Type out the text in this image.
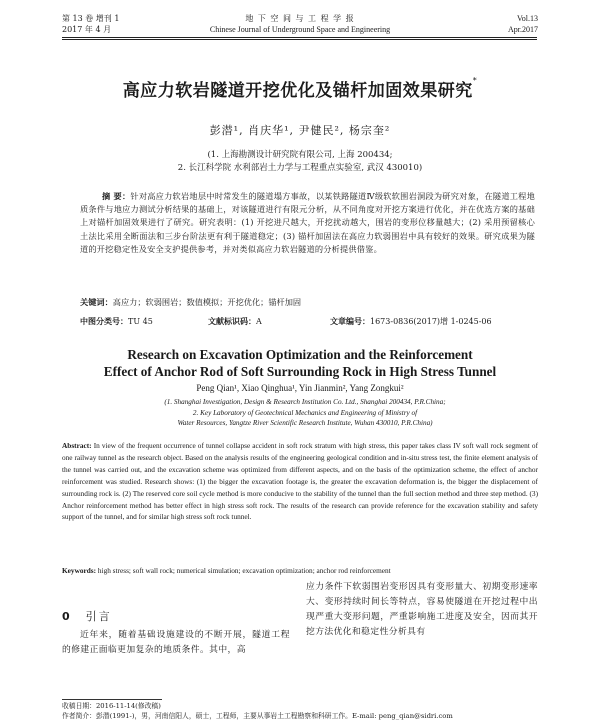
第 13 卷 增刊 1
2017 年 4 月
地 下 空 间 与 工 程 学 报
Chinese Journal of Underground Space and Engineering
Vol.13
Apr.2017
高应力软岩隧道开挖优化及锚杆加固效果研究*
彭潜¹, 肖庆华¹, 尹健民², 杨宗奎²
(1. 上海勘测设计研究院有限公司, 上海 200434;
2. 长江科学院 水利部岩土力学与工程重点实验室, 武汉 430010)
摘 要：针对高应力软岩地层中时常发生的隧道塌方事故，以某铁路隧道Ⅳ级软软围岩洞段为研究对象，在隧道工程地质条件与地应力测试分析结果的基础上，对该隧道进行有限元分析，从不同角度对开挖方案进行优化，并在优选方案的基础上对锚杆加固效果进行了研究。研究表明：(1) 开挖进尺越大，开挖扰动越大，围岩的变形位移量越大；(2) 采用预留核心土法比采用全断面法和三步台阶法更有利于隧道稳定；(3) 锚杆加固法在高应力软弱围岩中具有较好的效果。研究成果为隧道的开挖稳定性及安全支护提供参考，并对类似高应力软岩隧道的分析提供借鉴。
关键词：高应力；软弱围岩；数值模拟；开挖优化；锚杆加固
中图分类号：TU 45	文献标识码：A	文章编号：1673-0836(2017)增 1-0245-06
Research on Excavation Optimization and the Reinforcement
Effect of Anchor Rod of Soft Surrounding Rock in High Stress Tunnel
Peng Qian¹, Xiao Qinghua¹, Yin Jianmin², Yang Zongkui²
(1. Shanghai Investigation, Design & Research Institution Co. Ltd., Shanghai 200434, P.R.China;
2. Key Laboratory of Geotechnical Mechanics and Engineering of Ministry of
Water Resources, Yangtze River Scientific Research Institute, Wuhan 430010, P.R.China)
Abstract: In view of the frequent occurrence of tunnel collapse accident in soft rock stratum with high stress, this paper takes class IV soft wall rock segment of one railway tunnel as the research object. Based on the analysis results of the engineering geological condition and in-situ stress test, the finite element analysis of the tunnel was carried out, and the excavation scheme was optimized from different aspects, and on the basis of the optimization scheme, the effect of anchor reinforcement was studied. Research shows: (1) the bigger the excavation footage is, the greater the excavation deformation is, the bigger the displacement of surrounding rock is. (2) The reserved core soil cycle method is more conducive to the stability of the tunnel than the full section method and three step method. (3) Anchor reinforcement method has better effect in high stress soft rock. The results of the research can provide reference for the excavation stability and safety support of the tunnel, and for similar high stress soft rock tunnel.
Keywords: high stress; soft wall rock; numerical simulation; excavation optimization; anchor rod reinforcement
0 引言
近年来，随着基础设施建设的不断开展，隧道工程的修建正面临更加复杂的地质条件。其中，高
应力条件下软弱围岩变形因具有变形量大、初期变形速率大、变形持续时间长等特点，容易使隧道在开挖过程中出现严重大变形问题，严重影响施工进度及安全，因而其开挖方法优化和稳定性分析具有
收稿日期：2016-11-14(修改稿)
作者简介：彭潜(1991-)，男，河南信阳人，硕士，工程师，主要从事岩土工程勘察和科研工作。E-mail: peng_qian@sidri.com
